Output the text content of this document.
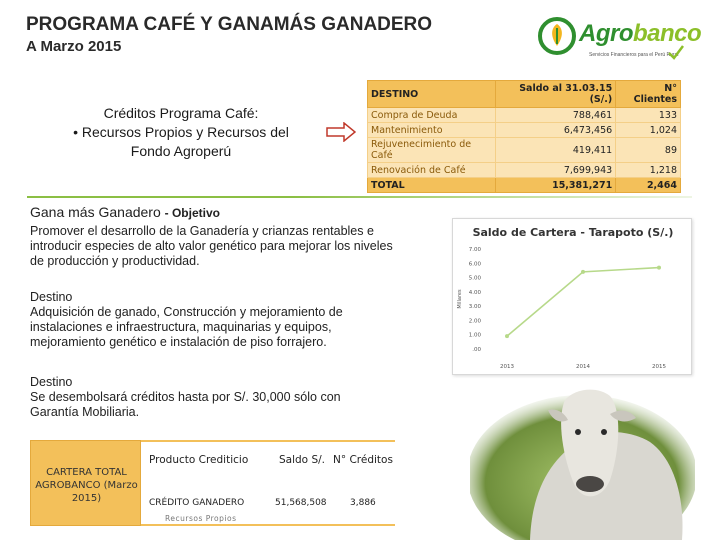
PROGRAMA CAFÉ Y GANAMÁS GANADERO
A Marzo 2015	Agrobanco
Servicios Financieros para el Perú Rural
Créditos Programa Café:
• Recursos Propios y Recursos del
Fondo Agroperú
DESTINO	Saldo al 31.03.15 (S/.)	N° Clientes
Compra de Deuda	788,461	133
Mantenimiento	6,473,456	1,024
Rejuvenecimiento de Café	419,411	89
Renovación de Café	7,699,943	1,218
TOTAL	15,381,271	2,464
Gana más Ganadero - Objetivo
Promover el desarrollo de la Ganadería y crianzas rentables e introducir especies de alto valor genético para mejorar los niveles de producción y productividad.
Destino
Adquisición de ganado, Construcción y mejoramiento de instalaciones e infraestructura, maquinarias y equipos, mejoramiento genético e instalación de piso forrajero.
Destino
Se desembolsará créditos hasta por S/. 30,000 sólo con Garantía Mobiliaria.
Saldo de Cartera - Tarapoto (S/.)
Millares
.00
1.00
2.00
3.00
4.00
5.00
6.00
7.00
2013	2014	2015
CARTERA TOTAL AGROBANCO (Marzo 2015)
Producto Crediticio	Saldo S/. N° Créditos
CRÉDITO GANADERO	51,568,508	3,886
Recursos Propios
